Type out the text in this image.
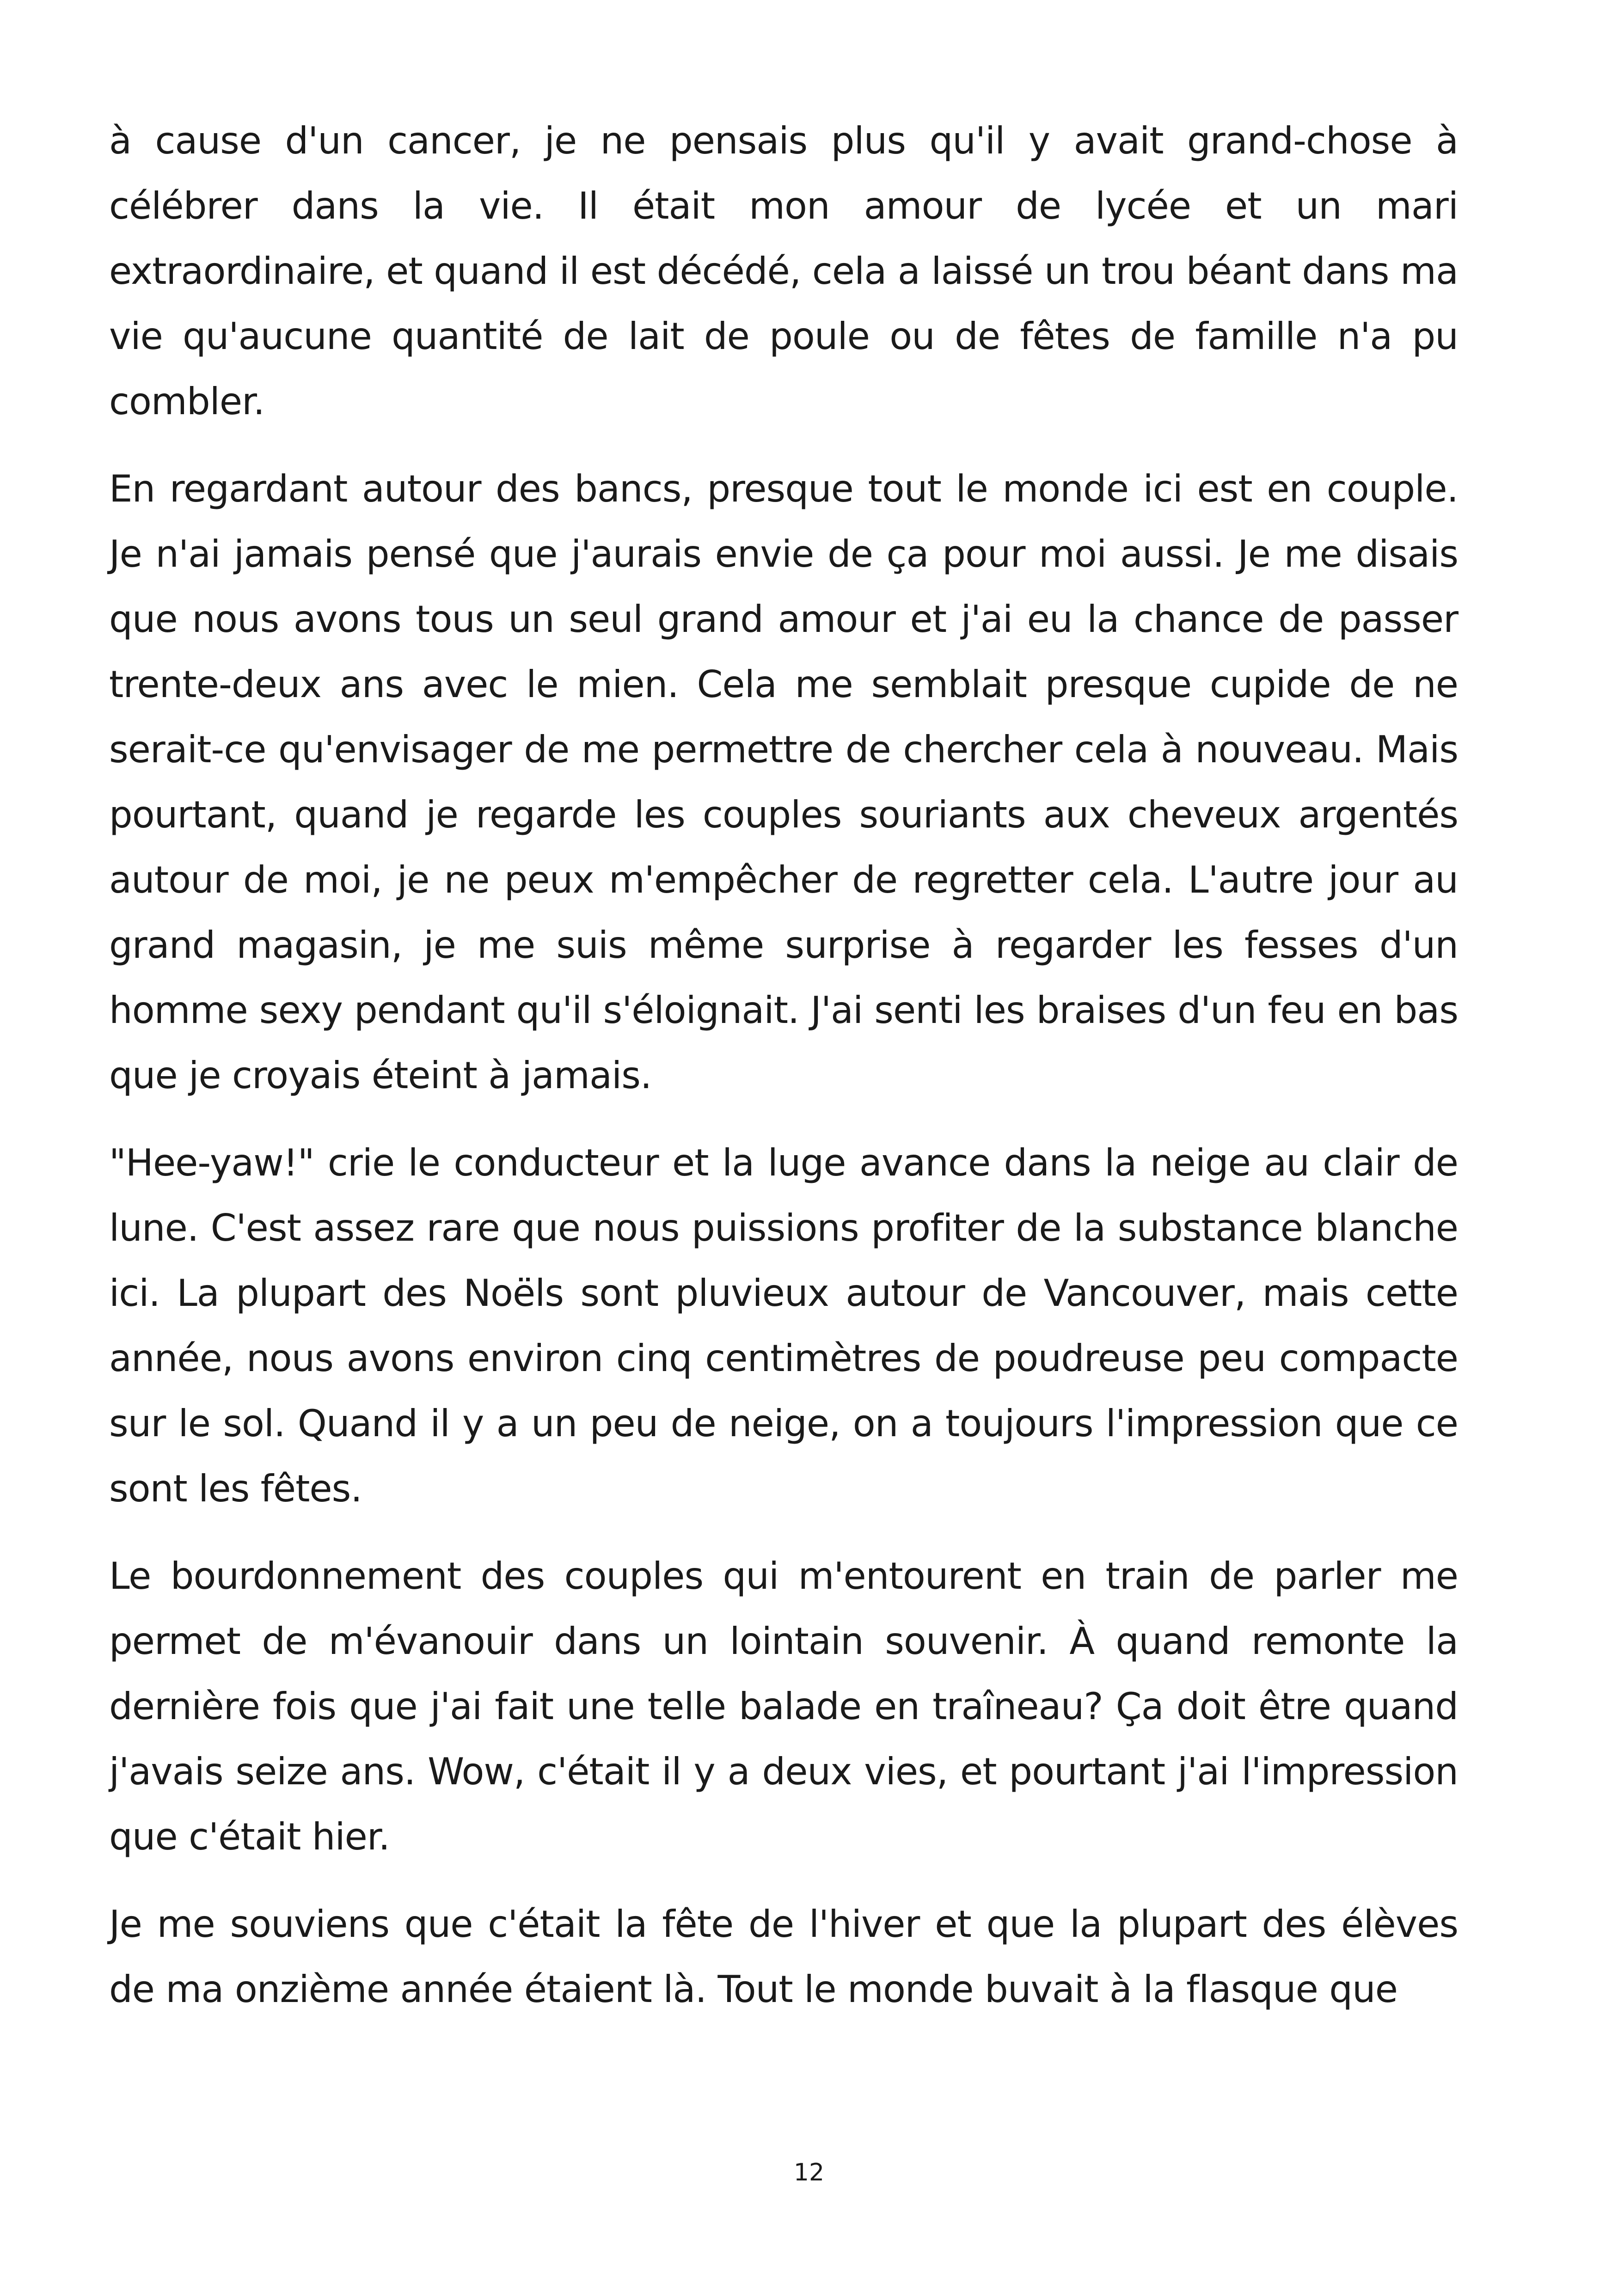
à cause d'un cancer, je ne pensais plus qu'il y avait grand-chose à célébrer dans la vie. Il était mon amour de lycée et un mari extraordinaire, et quand il est décédé, cela a laissé un trou béant dans ma vie qu'aucune quantité de lait de poule ou de fêtes de famille n'a pu combler.

En regardant autour des bancs, presque tout le monde ici est en couple. Je n'ai jamais pensé que j'aurais envie de ça pour moi aussi. Je me disais que nous avons tous un seul grand amour et j'ai eu la chance de passer trente-deux ans avec le mien. Cela me semblait presque cupide de ne serait-ce qu'envisager de me permettre de chercher cela à nouveau. Mais pourtant, quand je regarde les couples souriants aux cheveux argentés autour de moi, je ne peux m'empêcher de regretter cela. L'autre jour au grand magasin, je me suis même surprise à regarder les fesses d'un homme sexy pendant qu'il s'éloignait. J'ai senti les braises d'un feu en bas que je croyais éteint à jamais.

"Hee-yaw!" crie le conducteur et la luge avance dans la neige au clair de lune. C'est assez rare que nous puissions profiter de la substance blanche ici. La plupart des Noëls sont pluvieux autour de Vancouver, mais cette année, nous avons environ cinq centimètres de poudreuse peu compacte sur le sol. Quand il y a un peu de neige, on a toujours l'impression que ce sont les fêtes.

Le bourdonnement des couples qui m'entourent en train de parler me permet de m'évanouir dans un lointain souvenir. À quand remonte la dernière fois que j'ai fait une telle balade en traîneau? Ça doit être quand j'avais seize ans. Wow, c'était il y a deux vies, et pourtant j'ai l'impression que c'était hier.

Je me souviens que c'était la fête de l'hiver et que la plupart des élèves de ma onzième année étaient là. Tout le monde buvait à la flasque que

12
